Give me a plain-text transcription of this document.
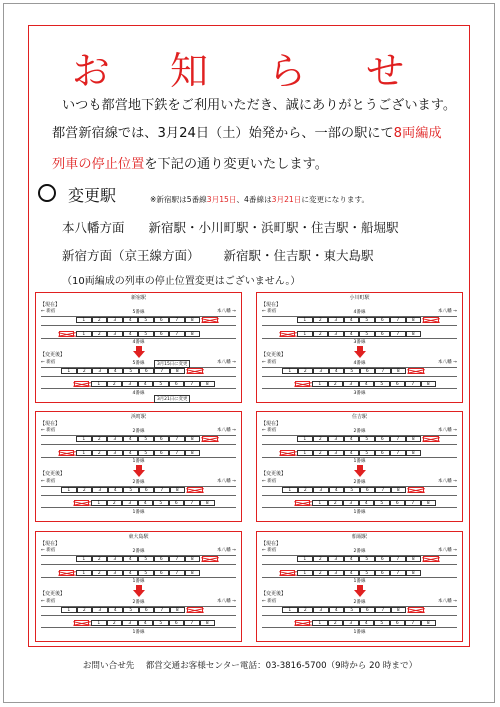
お 知 ら せ
いつも都営地下鉄をご利用いただき、誠にありがとうございます。
都営新宿線では、3月24日（土）始発から、一部の駅にて8両編成
列車の停止位置を下記の通り変更いたします。
変更駅	※新宿駅は5番線3月15日、4番線は3月21日に変更になります。
本八幡方面 新宿駅・小川町駅・浜町駅・住吉駅・船堀駅
新宿方面（京王線方面） 新宿駅・住吉駅・東大島駅
（10両編成の列車の停止位置変更はございません。）
新宿駅
【現在】
← 新宿	本八幡 →
5番線
1	2	3	4	5	6	7	8
1	2	3	4	5	6	7	8
4番線
【変更後】
← 新宿	本八幡 →
5番線
1	2	3	4	5	6	7	8
1	2	3	4	5	6	7	8
4番線
3月15日に変更
3月21日に変更
小川町駅
【現在】
← 新宿	本八幡 →
4番線
1	2	3	4	5	6	7	8
1	2	3	4	5	6	7	8
3番線
【変更後】
← 新宿	本八幡 →
4番線
1	2	3	4	5	6	7	8
1	2	3	4	5	6	7	8
3番線
浜町駅
【現在】
← 新宿	本八幡 →
2番線
1	2	3	4	5	6	7	8
1	2	3	4	5	6	7	8
1番線
【変更後】
← 新宿	本八幡 →
2番線
1	2	3	4	5	6	7	8
1	2	3	4	5	6	7	8
1番線
住吉駅
【現在】
← 新宿	本八幡 →
2番線
1	2	3	4	5	6	7	8
1	2	3	4	5	6	7	8
1番線
【変更後】
← 新宿	本八幡 →
2番線
1	2	3	4	5	6	7	8
1	2	3	4	5	6	7	8
1番線
東大島駅
【現在】
← 新宿	本八幡 →
2番線
1	2	3	4	5	6	7	8
1	2	3	4	5	6	7	8
1番線
【変更後】
← 新宿	本八幡 →
2番線
1	2	3	4	5	6	7	8
1	2	3	4	5	6	7	8
1番線
船堀駅
【現在】
← 新宿	本八幡 →
2番線
1	2	3	4	5	6	7	8
1	2	3	4	5	6	7	8
1番線
【変更後】
← 新宿	本八幡 →
2番線
1	2	3	4	5	6	7	8
1	2	3	4	5	6	7	8
1番線
お問い合せ先　 都営交通お客様センター電話：03-3816-5700（9時から 20 時まで）
